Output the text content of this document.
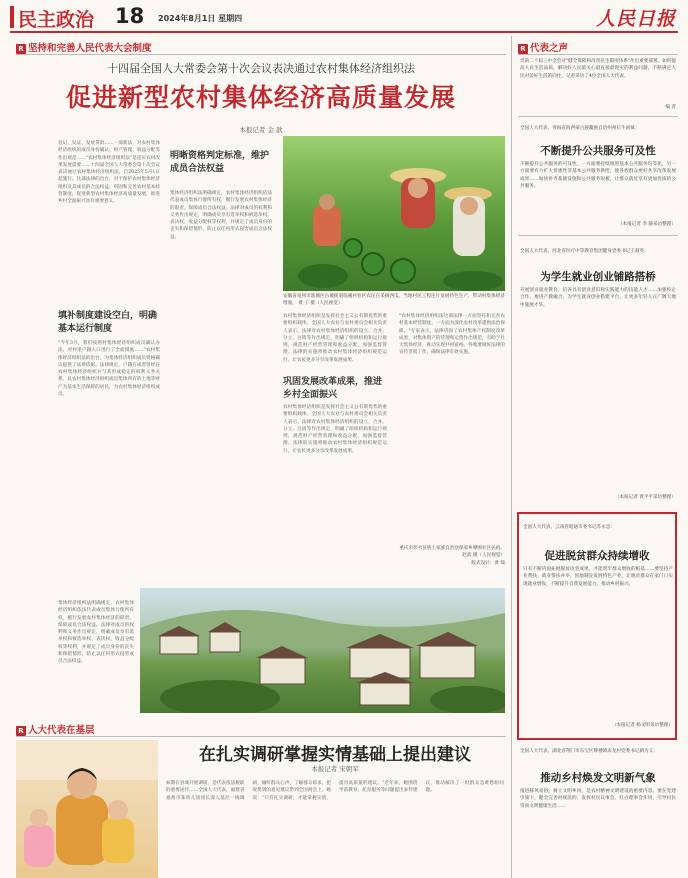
民主政治 18 2024年8月1日 星期四	人民日报
R 坚持和完善人民代表大会制度
十四届全国人大常委会第十次会议表决通过农村集体经济组织法
促进新型农村集体经济高质量发展
本报记者 金 歆
登记、发证、发放贷款……一部新法，对农村集体经济组织的成员身份确认、财产管理、收益分配等作出规范……"农村集体经济组织法"是适应农村改革发展需要……十四届全国人大常委会第十次会议表决通过农村集体经济组织法，自2025年5月1日起施行。这部法律的出台，对于保护农村集体经济组织及其成员的合法权益，巩固和完善农村基本经营制度，促进新型农村集体经济高质量发展，推进乡村全面振兴具有重要意义。
填补制度建设空白，明确基本运行制度
"今年3月，我们按照村集体经济组织成员确认办法，对村里户籍人口进行了全面摸底……"农村集体经济组织法的出台，为集体经济组织成员资格确认提供了法律依据。法律规定，户籍在或者曾经在农村集体经济组织并与其形成稳定的权利义务关系，以农村集体经济组织成员集体所有的土地等财产为基本生活保障的居民，为农村集体经济组织成员。
明晰资格判定标准，维护成员合法权益
集体经济组织法明确规定，农村集体经济组织依法代表成员集体行使所有权，履行发展农村集体经济的职责，保障成员合法权益。法律对成员的权利和义务作出规定，明确成员享有选举权和被选举权、表决权、收益分配权等权利，并规定了成员身份的丧失和保留情形，防止以任何形式侵害成员合法权益。
安徽省亳州市谯城区古城街道临溪村社区农民在采摘西瓜，当地村民工程连片发展特色生产，带动村集体经济增收。 黄 子 摄（人民视觉）
农村集体经济组织是发挥社会主义公有制优势的重要组织载体。全国人大农业与农村委员会相关负责人表示，法律对农村集体经济组织的设立、合并、分立、注销等作出规定，明确了组织机构和运行规则，规范财产经营管理和收益分配，加强监督管理。法律的实施将推动农村集体经济组织规范运行，让农民更多分享改革发展成果。
巩固发展改革成果，推进乡村全面振兴
农村集体经济组织是发挥社会主义公有制优势的重要组织载体。全国人大农业与农村委员会相关负责人表示，法律对农村集体经济组织的设立、合并、分立、注销等作出规定，明确了组织机构和运行规则，规范财产经营管理和收益分配，加强监督管理。法律的实施将推动农村集体经济组织规范运行，让农民更多分享改革发展成果。
"农村集体经济组织法这部法律一方面坚持和完善农村基本经营制度，一方面为深化农村改革提供法治保障。"专家表示，法律巩固了农村集体产权制度改革成果，对集体资产的管理和运营作出规范，有助于壮大集体经济，推动实现共同富裕。各地要做好法律的宣传贯彻工作，确保法律有效实施。
重庆市彭水苗族土家族自治县保家乡摩围社区民宿。
赵武 摄（人民视觉）
版式设计：黄 瑞
集体经济组织法明确规定，农村集体经济组织依法代表成员集体行使所有权，履行发展农村集体经济的职责，保障成员合法权益。法律对成员的权利和义务作出规定，明确成员享有选举权和被选举权、表决权、收益分配权等权利，并规定了成员身份的丧失和保留情形，防止以任何形式侵害成员合法权益。
R 人大代表在基层
在扎实调研掌握实情基础上提出建议
本报记者 宋朝军
如期在县城开展调研，是代表依法履职的重要途径……全国人大代表、福建省福州市某幼儿园园长深入基层一线调研，倾听群众心声，了解群众诉求，把收集到的意见建议带到全国两会上。她说："只有扎实调研，才能掌握实情，提出高质量的建议。"近年来，她围绕学前教育、托育服务等问题提出多件建议，推动解决了一批群众急难愁盼问题。
R 代表之声
党的二十届三中全会对"健全保障和改善民生制度体系"作出重要部署。如何提高人民生活品质，解决好人民最关心最直接最现实的利益问题，不断满足人民对美好生活的向往，记者采访了4位全国人大代表。
编 者
全国人大代表、青海省海西蒙古族藏族自治州州长牛国斌：
不断提升公共服务可及性
不断提升公共服务的可及性，一方面要持续推进基本公共服务均等化，另一方面要有力扩大普惠性非基本公共服务供给，使各族群众更好共享改革发展成果……加快补齐基础设施和公共服务短板，让群众就近享有更加优质的公共服务。
（本报记者 李 静采访整理）
全国人大代表、河北省医疗中等教育集团健身党委书记王淑英：
为学生就业创业铺路搭桥
开展创业就业教育，培养具有创业意识和实践能力的技能人才……加强校企合作，推进产教融合，为学生就业创业搭建平台，让更多年轻人在广阔天地中施展才华。
（本报记者 黄平平采访整理）
全国人大代表、云南省昭通市委书记苏永忠：
促进脱贫群众持续增收
只有不断巩固拓展脱贫攻坚成果，才能筑牢群众增收的根基……要坚持产业帮扶、就业帮扶并举，因地制宜发展特色产业，让脱贫群众在家门口实现就业增收，不断提升自我发展能力，推动乡村振兴。
（本报记者 杨文明采访整理）
全国人大代表、湖北省荆门市东宝区牌楼镇来龙村党委书记朝为义：
推动乡村焕发文明新气象
推进移风易俗，树立文明乡风，是农村精神文明建设的重要内容。要在党建引领下，健全完善村规民约，发挥村民议事会、红白理事会作用，引导村民崇尚文明健康生活……
